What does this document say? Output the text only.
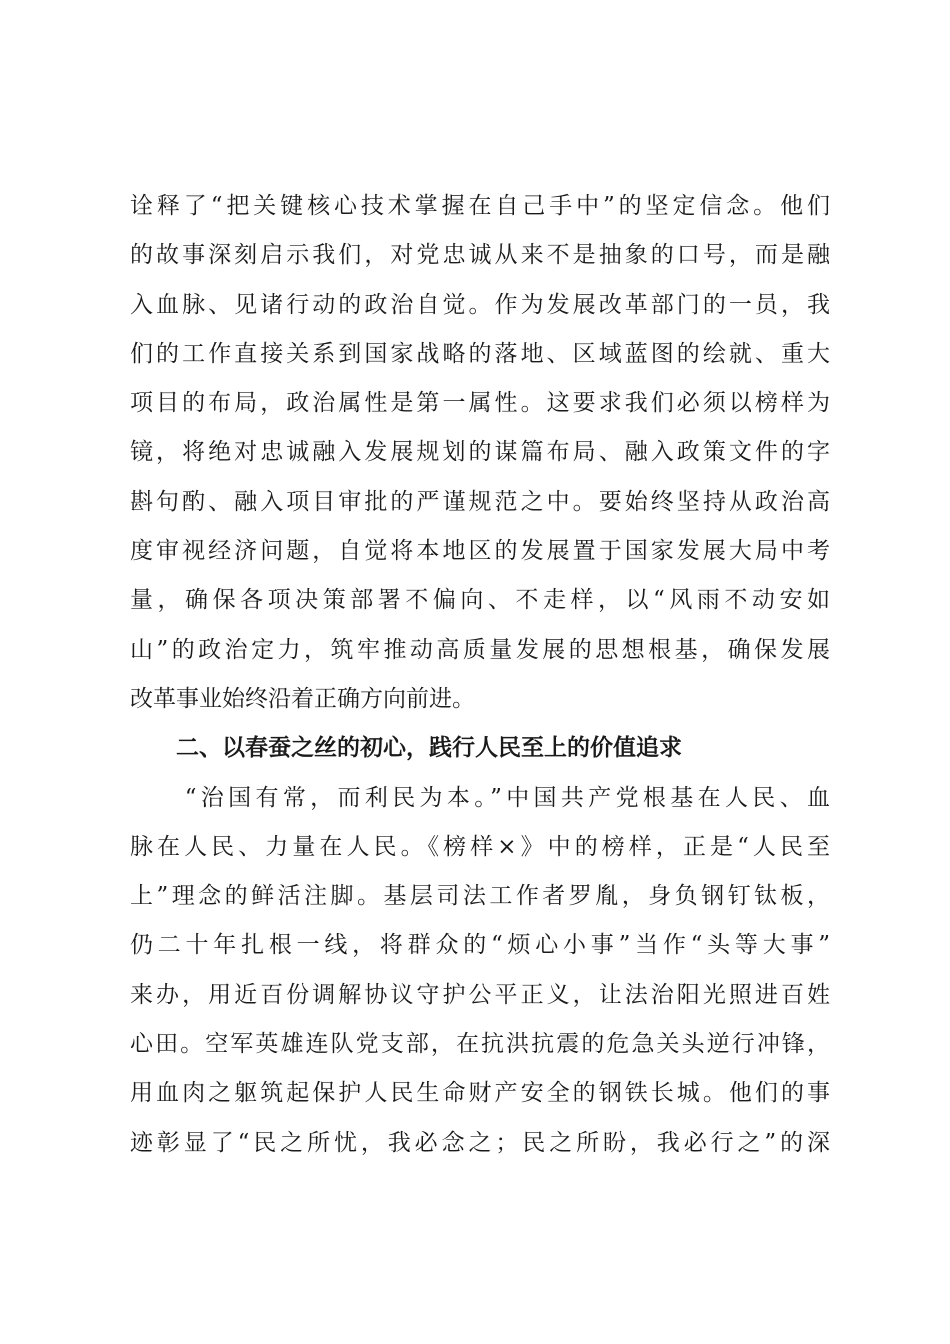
诠释了“把关键核心技术掌握在自己手中”的坚定信念。他们
的故事深刻启示我们，对党忠诚从来不是抽象的口号，而是融
入血脉、见诸行动的政治自觉。作为发展改革部门的一员，我
们的工作直接关系到国家战略的落地、区域蓝图的绘就、重大
项目的布局，政治属性是第一属性。这要求我们必须以榜样为
镜，将绝对忠诚融入发展规划的谋篇布局、融入政策文件的字
斟句酌、融入项目审批的严谨规范之中。要始终坚持从政治高
度审视经济问题，自觉将本地区的发展置于国家发展大局中考
量，确保各项决策部署不偏向、不走样，以“风雨不动安如
山”的政治定力，筑牢推动高质量发展的思想根基，确保发展
改革事业始终沿着正确方向前进。
二、以春蚕之丝的初心，践行人民至上的价值追求
　　“治国有常，而利民为本。”中国共产党根基在人民、血
脉在人民、力量在人民。《榜样×》中的榜样，正是“人民至
上”理念的鲜活注脚。基层司法工作者罗胤，身负钢钉钛板，
仍二十年扎根一线，将群众的“烦心小事”当作“头等大事”
来办，用近百份调解协议守护公平正义，让法治阳光照进百姓
心田。空军英雄连队党支部，在抗洪抗震的危急关头逆行冲锋，
用血肉之躯筑起保护人民生命财产安全的钢铁长城。他们的事
迹彰显了“民之所忧，我必念之；民之所盼，我必行之”的深
